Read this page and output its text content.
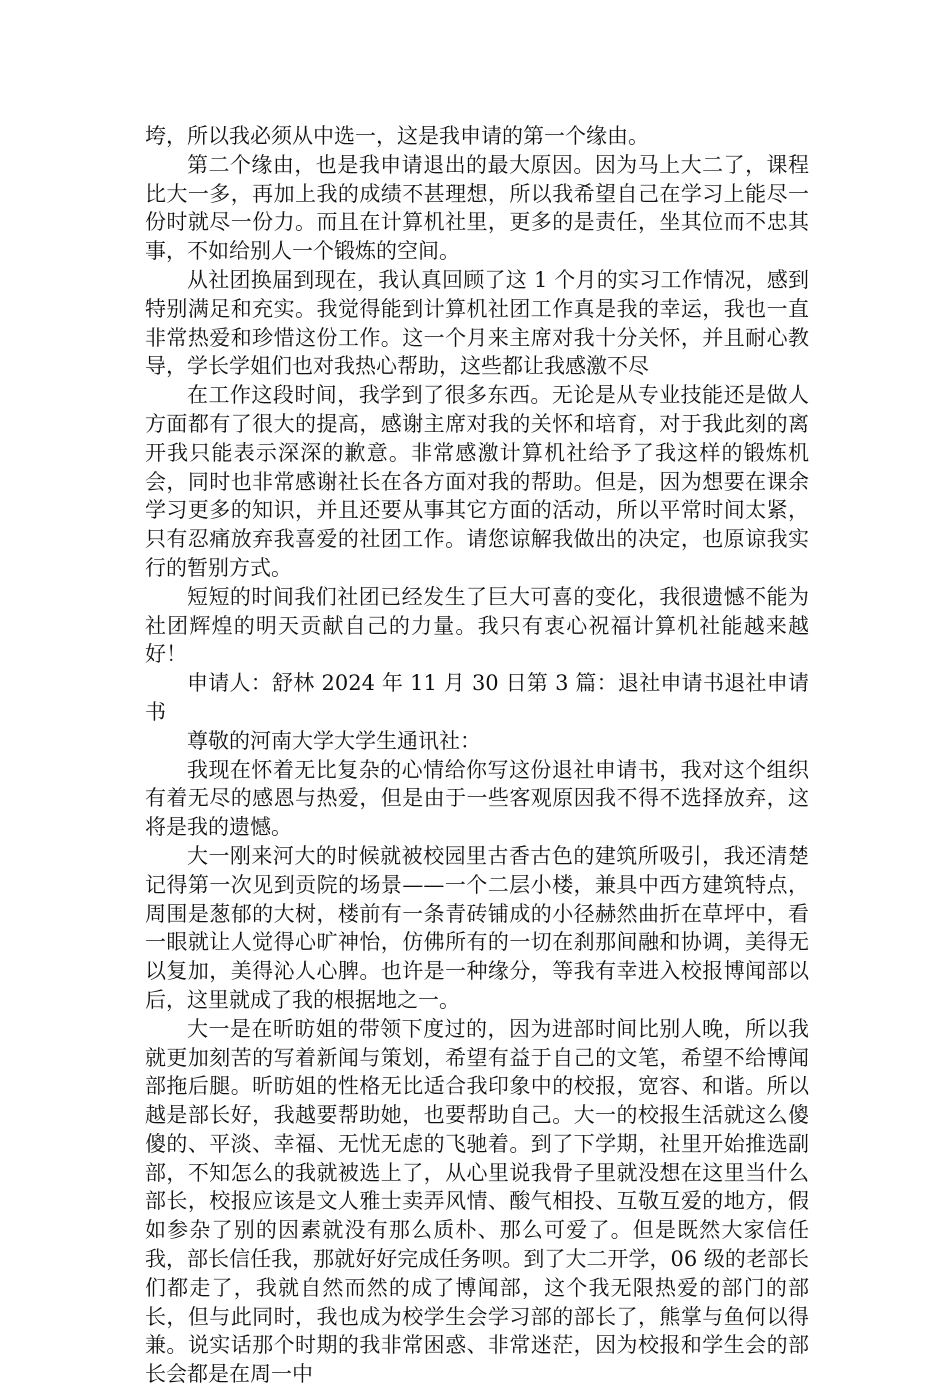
垮，所以我必须从中选一，这是我申请的第一个缘由。

第二个缘由，也是我申请退出的最大原因。因为马上大二了，课程比大一多，再加上我的成绩不甚理想，所以我希望自己在学习上能尽一份时就尽一份力。而且在计算机社里，更多的是责任，坐其位而不忠其事，不如给别人一个锻炼的空间。

从社团换届到现在，我认真回顾了这 1 个月的实习工作情况，感到特别满足和充实。我觉得能到计算机社团工作真是我的幸运，我也一直非常热爱和珍惜这份工作。这一个月来主席对我十分关怀，并且耐心教导，学长学姐们也对我热心帮助，这些都让我感激不尽

在工作这段时间，我学到了很多东西。无论是从专业技能还是做人方面都有了很大的提高，感谢主席对我的关怀和培育，对于我此刻的离开我只能表示深深的歉意。非常感激计算机社给予了我这样的锻炼机会，同时也非常感谢社长在各方面对我的帮助。但是，因为想要在课余学习更多的知识，并且还要从事其它方面的活动，所以平常时间太紧，只有忍痛放弃我喜爱的社团工作。请您谅解我做出的决定，也原谅我实行的暂别方式。

短短的时间我们社团已经发生了巨大可喜的变化，我很遗憾不能为社团辉煌的明天贡献自己的力量。我只有衷心祝福计算机社能越来越好！

申请人：舒林 2024 年 11 月 30 日第 3 篇：退社申请书退社申请书

尊敬的河南大学大学生通讯社：

我现在怀着无比复杂的心情给你写这份退社申请书，我对这个组织有着无尽的感恩与热爱，但是由于一些客观原因我不得不选择放弃，这将是我的遗憾。

大一刚来河大的时候就被校园里古香古色的建筑所吸引，我还清楚记得第一次见到贡院的场景——一个二层小楼，兼具中西方建筑特点，周围是葱郁的大树，楼前有一条青砖铺成的小径赫然曲折在草坪中，看一眼就让人觉得心旷神怡，仿佛所有的一切在刹那间融和协调，美得无以复加，美得沁人心脾。也许是一种缘分，等我有幸进入校报博闻部以后，这里就成了我的根据地之一。

大一是在昕昉姐的带领下度过的，因为进部时间比别人晚，所以我就更加刻苦的写着新闻与策划，希望有益于自己的文笔，希望不给博闻部拖后腿。昕昉姐的性格无比适合我印象中的校报，宽容、和谐。所以越是部长好，我越要帮助她，也要帮助自己。大一的校报生活就这么傻傻的、平淡、幸福、无忧无虑的飞驰着。到了下学期，社里开始推选副部，不知怎么的我就被选上了，从心里说我骨子里就没想在这里当什么部长，校报应该是文人雅士卖弄风情、酸气相投、互敬互爱的地方，假如参杂了别的因素就没有那么质朴、那么可爱了。但是既然大家信任我，部长信任我，那就好好完成任务呗。到了大二开学，06 级的老部长们都走了，我就自然而然的成了博闻部，这个我无限热爱的部门的部长，但与此同时，我也成为校学生会学习部的部长了，熊掌与鱼何以得兼。说实话那个时期的我非常困惑、非常迷茫，因为校报和学生会的部长会都是在周一中
